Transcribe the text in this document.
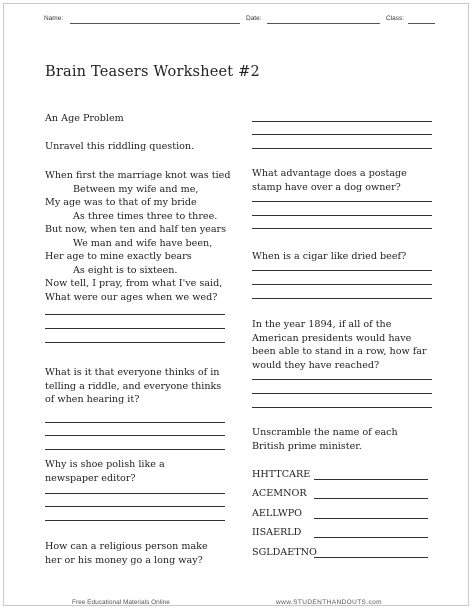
Name:	Date:	Class:
Brain Teasers Worksheet #2
An Age Problem
Unravel this riddling question.
When first the marriage knot was tied
Between my wife and me,
My age was to that of my bride
As three times three to three.
But now, when ten and half ten years
We man and wife have been,
Her age to mine exactly bears
As eight is to sixteen.
Now tell, I pray, from what I've said,
What were our ages when we wed?

What is it that everyone thinks of in telling a riddle, and everyone thinks of when hearing it?

Why is shoe polish like a newspaper editor?

How can a religious person make her or his money go a long way?

What advantage does a postage stamp have over a dog owner?

When is a cigar like dried beef?

In the year 1894, if all of the American presidents would have been able to stand in a row, how far would they have reached?

Unscramble the name of each British prime minister.

HHTTCARE
ACEMNOR
AELLWPO
IISAERLD
SGLDAETNO
Free Educational Materials Online	www.STUDENTHANDOUTS.com
